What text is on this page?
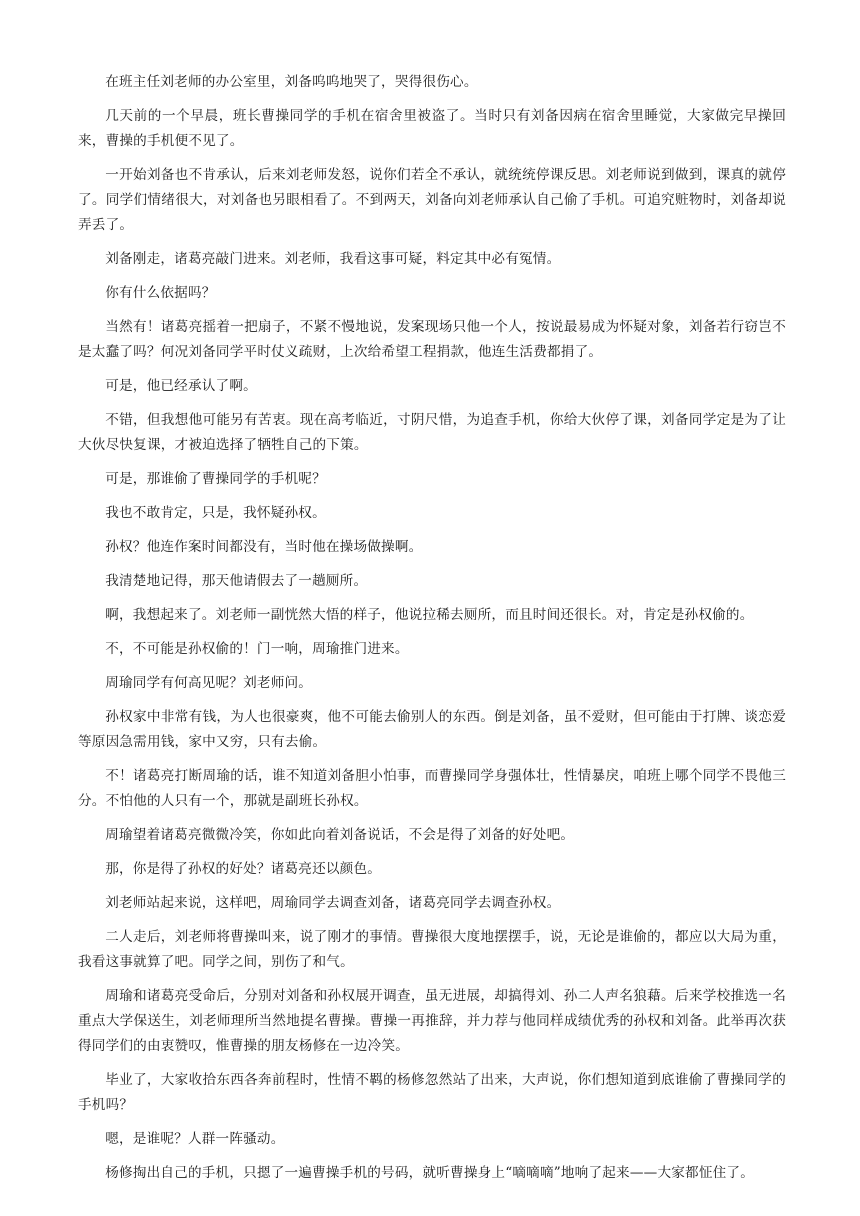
在班主任刘老师的办公室里，刘备呜呜地哭了，哭得很伤心。

几天前的一个早晨，班长曹操同学的手机在宿舍里被盗了。当时只有刘备因病在宿舍里睡觉，大家做完早操回来，曹操的手机便不见了。

一开始刘备也不肯承认，后来刘老师发怒，说你们若全不承认，就统统停课反思。刘老师说到做到，课真的就停了。同学们情绪很大，对刘备也另眼相看了。不到两天，刘备向刘老师承认自己偷了手机。可追究赃物时，刘备却说弄丢了。

刘备刚走，诸葛亮敲门进来。刘老师，我看这事可疑，料定其中必有冤情。

你有什么依据吗？

当然有！诸葛亮摇着一把扇子，不紧不慢地说，发案现场只他一个人，按说最易成为怀疑对象，刘备若行窃岂不是太蠢了吗？何况刘备同学平时仗义疏财，上次给希望工程捐款，他连生活费都捐了。

可是，他已经承认了啊。

不错，但我想他可能另有苦衷。现在高考临近，寸阴尺惜，为追查手机，你给大伙停了课，刘备同学定是为了让大伙尽快复课，才被迫选择了牺牲自己的下策。

可是，那谁偷了曹操同学的手机呢？

我也不敢肯定，只是，我怀疑孙权。

孙权？他连作案时间都没有，当时他在操场做操啊。

我清楚地记得，那天他请假去了一趟厕所。

啊，我想起来了。刘老师一副恍然大悟的样子，他说拉稀去厕所，而且时间还很长。对，肯定是孙权偷的。

不，不可能是孙权偷的！门一响，周瑜推门进来。

周瑜同学有何高见呢？刘老师问。

孙权家中非常有钱，为人也很豪爽，他不可能去偷别人的东西。倒是刘备，虽不爱财，但可能由于打牌、谈恋爱等原因急需用钱，家中又穷，只有去偷。

不！诸葛亮打断周瑜的话，谁不知道刘备胆小怕事，而曹操同学身强体壮，性情暴戾，咱班上哪个同学不畏他三分。不怕他的人只有一个，那就是副班长孙权。

周瑜望着诸葛亮微微冷笑，你如此向着刘备说话，不会是得了刘备的好处吧。

那，你是得了孙权的好处？诸葛亮还以颜色。

刘老师站起来说，这样吧，周瑜同学去调查刘备，诸葛亮同学去调查孙权。

二人走后，刘老师将曹操叫来，说了刚才的事情。曹操很大度地摆摆手，说，无论是谁偷的，都应以大局为重，我看这事就算了吧。同学之间，别伤了和气。

周瑜和诸葛亮受命后，分别对刘备和孙权展开调查，虽无进展，却搞得刘、孙二人声名狼藉。后来学校推选一名重点大学保送生，刘老师理所当然地提名曹操。曹操一再推辞，并力荐与他同样成绩优秀的孙权和刘备。此举再次获得同学们的由衷赞叹，惟曹操的朋友杨修在一边冷笑。

毕业了，大家收拾东西各奔前程时，性情不羁的杨修忽然站了出来，大声说，你们想知道到底谁偷了曹操同学的手机吗？

嗯，是谁呢？人群一阵骚动。

杨修掏出自己的手机，只摁了一遍曹操手机的号码，就听曹操身上“嘀嘀嘀”地响了起来——大家都怔住了。
